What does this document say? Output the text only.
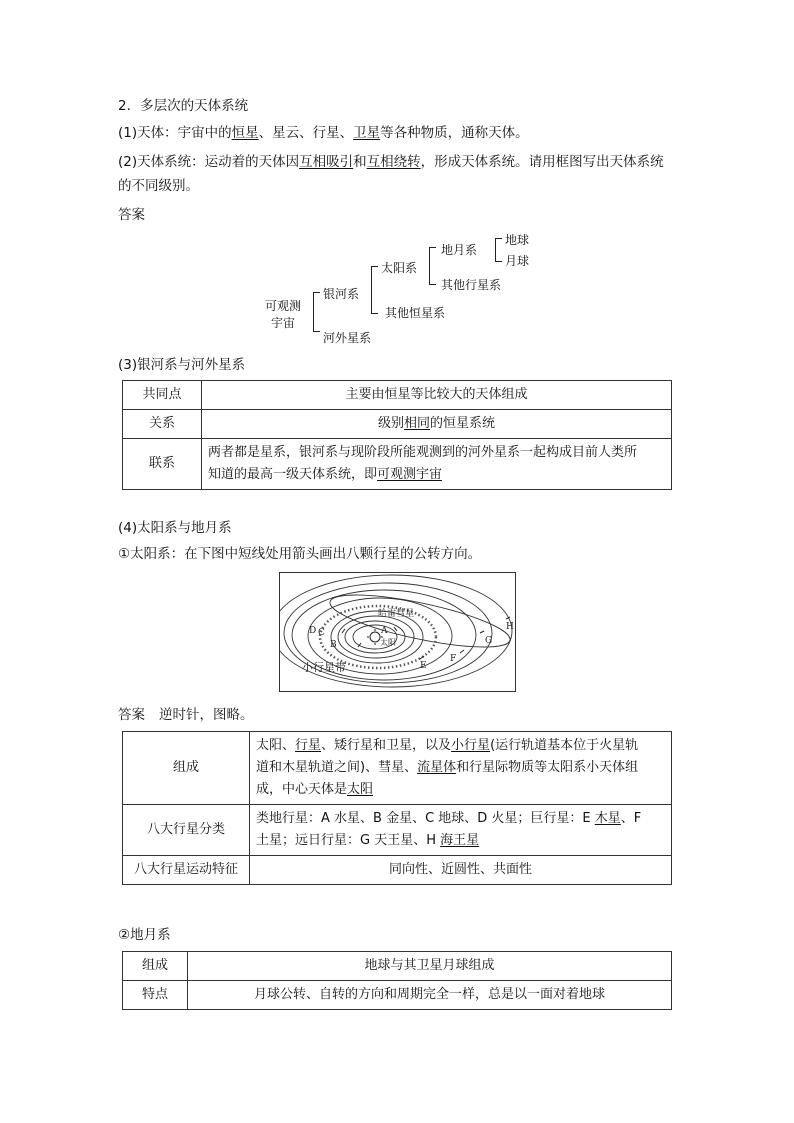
2．多层次的天体系统
(1)天体：宇宙中的恒星、星云、行星、卫星等各种物质，通称天体。
(2)天体系统：运动着的天体因互相吸引和互相绕转，形成天体系统。请用框图写出天体系统
的不同级别。
答案
可观测
宇宙
银河系
河外星系
太阳系
其他恒星系
地月系
其他行星系
地球
月球
(3)银河系与河外星系
共同点	主要由恒星等比较大的天体组成
关系	级别相同的恒星系统
联系	两者都是星系，银河系与现阶段所能观测到的河外星系一起构成目前人类所
知道的最高一级天体系统，即可观测宇宙
(4)太阳系与地月系
①太阳系：在下图中短线处用箭头画出八颗行星的公转方向。
哈雷彗星
太阳
小行星带
A
B
C
D
E
F
G
H
答案 逆时针，图略。
组成	太阳、行星、矮行星和卫星，以及小行星(运行轨道基本位于火星轨
道和木星轨道之间)、彗星、流星体和行星际物质等太阳系小天体组
成，中心天体是太阳

八大行星分类	类地行星：A 水星、B 金星、C 地球、D 火星；巨行星：E 木星、F
土星；远日行星：G 天王星、H 海王星

八大行星运动特征	同向性、近圆性、共面性
②地月系
组成	地球与其卫星月球组成
特点	月球公转、自转的方向和周期完全一样，总是以一面对着地球
